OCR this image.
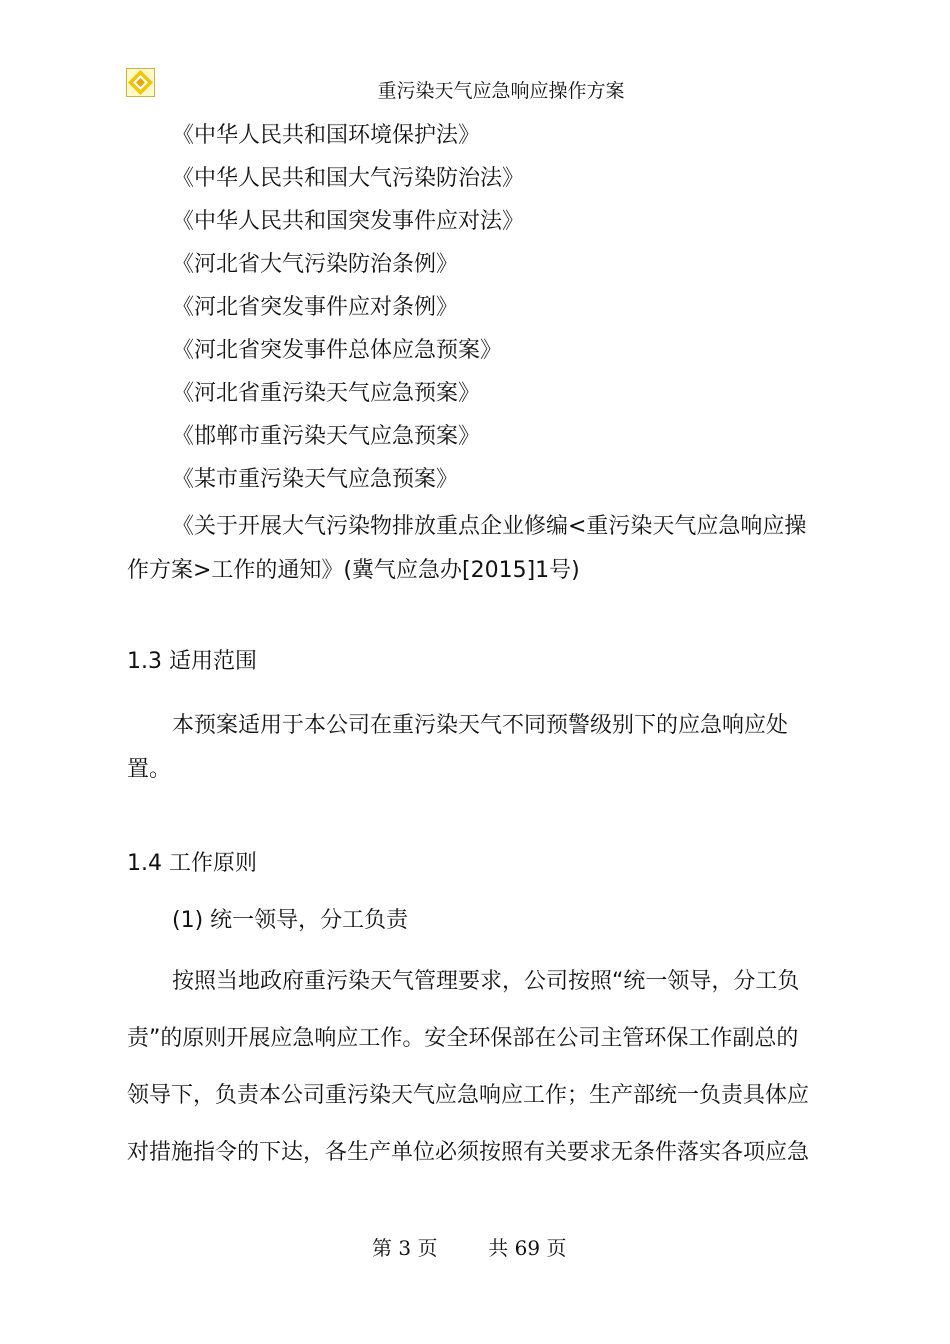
重污染天气应急响应操作方案
《中华人民共和国环境保护法》
《中华人民共和国大气污染防治法》
《中华人民共和国突发事件应对法》
《河北省大气污染防治条例》
《河北省突发事件应对条例》
《河北省突发事件总体应急预案》
《河北省重污染天气应急预案》
《邯郸市重污染天气应急预案》
《某市重污染天气应急预案》
《关于开展大气污染物排放重点企业修编<重污染天气应急响应操
作方案>工作的通知》(冀气应急办[2015]1号)
1.3 适用范围
本预案适用于本公司在重污染天气不同预警级别下的应急响应处
置。
1.4 工作原则
(1) 统一领导，分工负责
按照当地政府重污染天气管理要求，公司按照“统一领导，分工负
责”的原则开展应急响应工作。安全环保部在公司主管环保工作副总的
领导下，负责本公司重污染天气应急响应工作；生产部统一负责具体应
对措施指令的下达，各生产单位必须按照有关要求无条件落实各项应急
第 3 页        共 69 页
